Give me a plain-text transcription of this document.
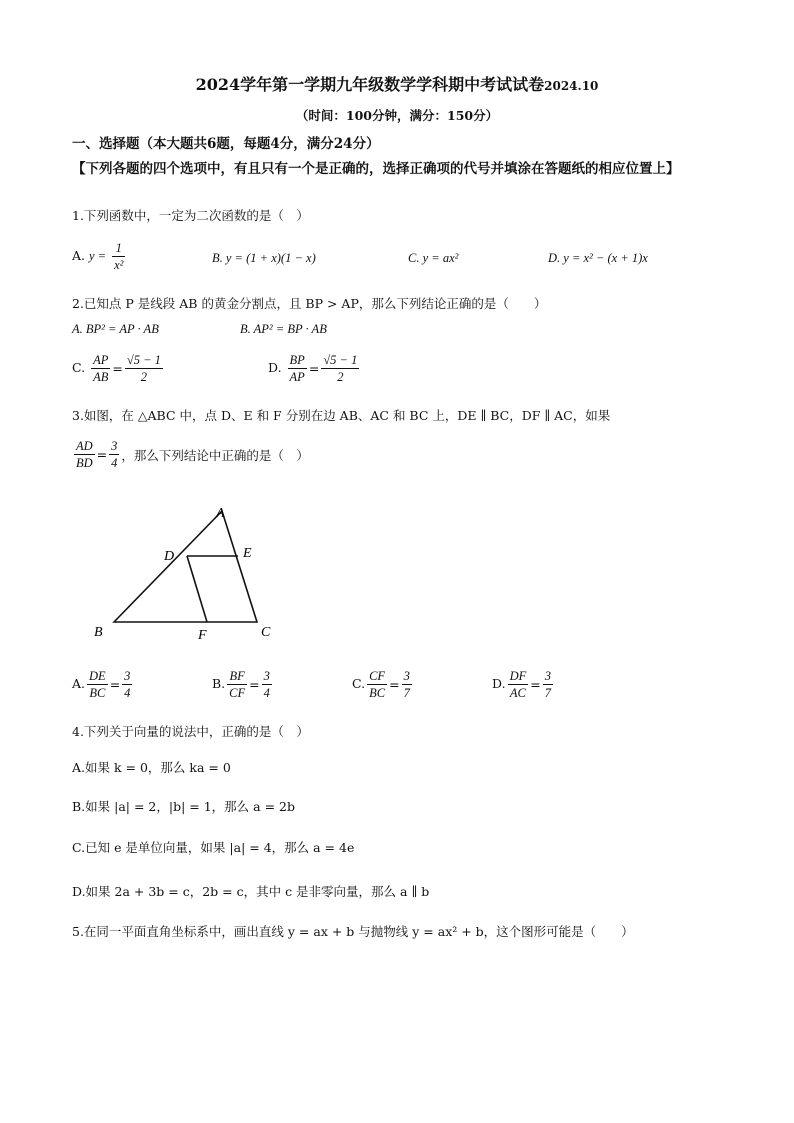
2024学年第一学期九年级数学学科期中考试试卷2024.10
（时间：100分钟，满分：150分）
一、选择题（本大题共6题，每题4分，满分24分）
【下列各题的四个选项中，有且只有一个是正确的，选择正确项的代号并填涂在答题纸的相应位置上】
1.下列函数中，一定为二次函数的是（　）
A. $y = \frac{1}{\text{x²}}$	B. y = (1 + x)(1 − x)	C. y = ax²	D. y = x² − (x + 1)x
2.已知点 P 是线段 AB 的黄金分割点，且 BP > AP，那么下列结论正确的是（　　）
A. BP² = AP · AB	B. AP² = BP · AB
C. $\frac{AP}{AB} = \frac{√5 - 1}{2}$	D. $\frac{BP}{AP} = \frac{√5 - 1}{2}$
3.如图，在 △ABC 中，点 D、E 和 F 分别在边 AB、AC 和 BC 上，DE ∥ BC，DF ∥ AC，如果
$\frac{AD}{BD} = \frac{3}{4}$ ，那么下列结论中正确的是（　）
A
D	E
B	F	C
A. $\frac{DE}{BC} = \frac{3}{4}$	B. $\frac{BF}{CF} = \frac{3}{4}$	C. $\frac{CF}{BC} = \frac{3}{7}$	D. $\frac{DF}{AC} = \frac{3}{7}$
4.下列关于向量的说法中，正确的是（　）
A.如果 k = 0，那么 ka = 0
B.如果 |a| = 2，|b| = 1，那么 a = 2b
C.已知 e 是单位向量，如果 |a| = 4，那么 a = 4e
D.如果 2a + 3b = c，2b = c，其中 c 是非零向量，那么 a ∥ b
5.在同一平面直角坐标系中，画出直线 y = ax + b 与抛物线 y = ax² + b，这个图形可能是（　　）
